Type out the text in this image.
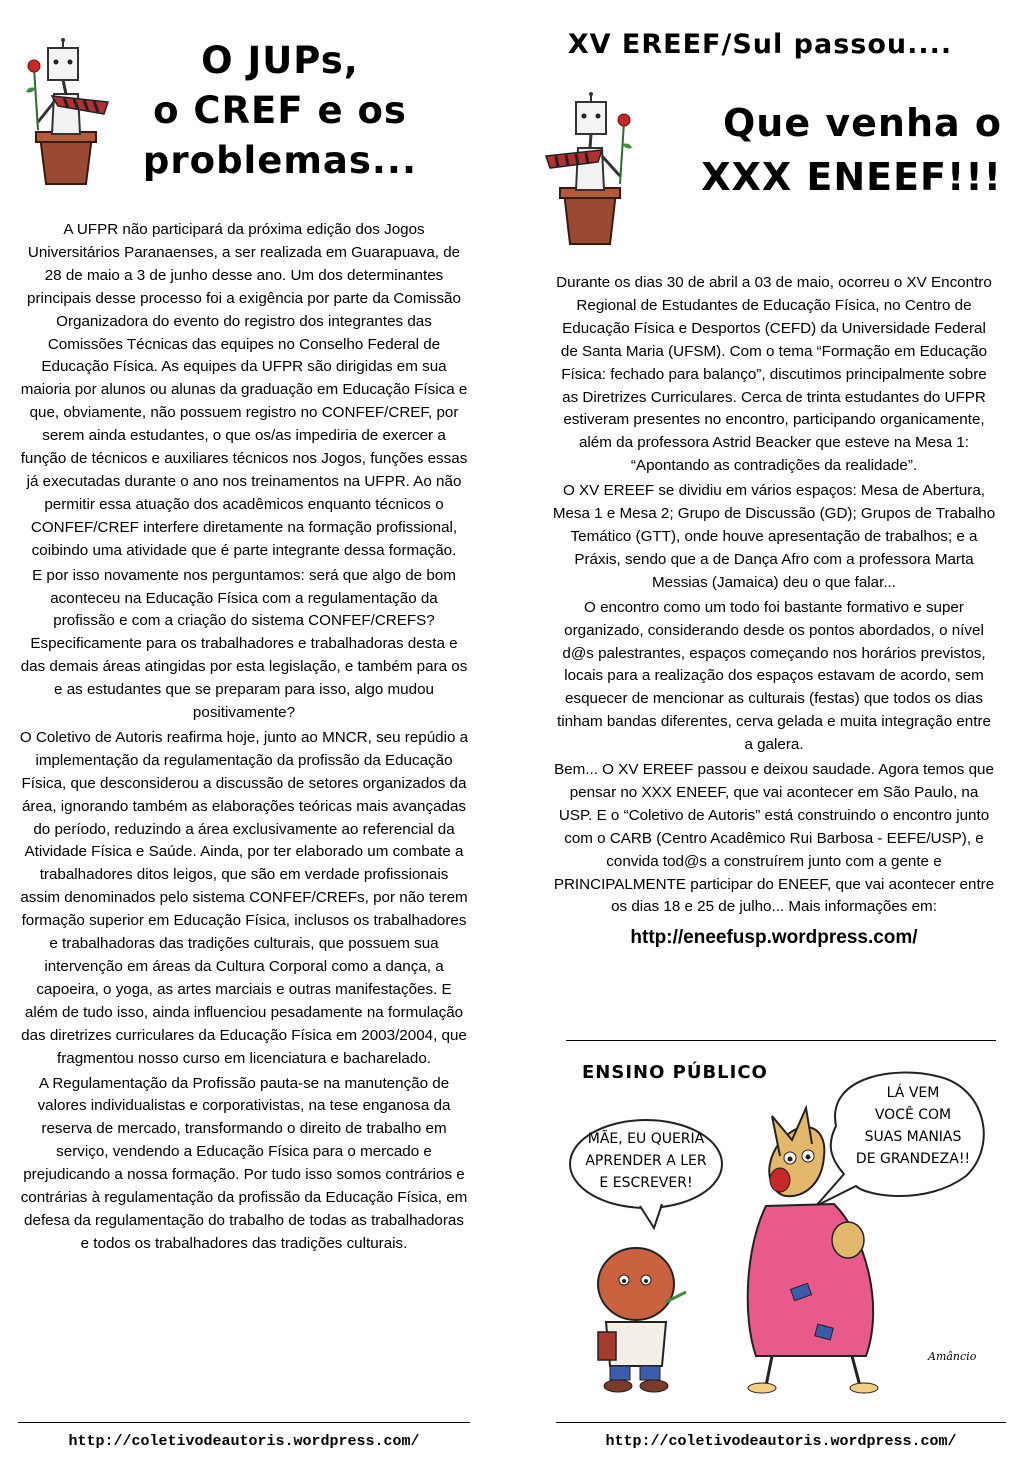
O JUPs,
o CREF e os
problemas...

A UFPR não participará da próxima edição dos Jogos Universitários Paranaenses, a ser realizada em Guarapuava, de 28 de maio a 3 de junho desse ano. Um dos determinantes principais desse processo foi a exigência por parte da Comissão Organizadora do evento do registro dos integrantes das Comissões Técnicas das equipes no Conselho Federal de Educação Física. As equipes da UFPR são dirigidas em sua maioria por alunos ou alunas da graduação em Educação Física e que, obviamente, não possuem registro no CONFEF/CREF, por serem ainda estudantes, o que os/as impediria de exercer a função de técnicos e auxiliares técnicos nos Jogos, funções essas já executadas durante o ano nos treinamentos na UFPR. Ao não permitir essa atuação dos acadêmicos enquanto técnicos o CONFEF/CREF interfere diretamente na formação profissional, coibindo uma atividade que é parte integrante dessa formação.

E por isso novamente nos perguntamos: será que algo de bom aconteceu na Educação Física com a regulamentação da profissão e com a criação do sistema CONFEF/CREFS? Especificamente para os trabalhadores e trabalhadoras desta e das demais áreas atingidas por esta legislação, e também para os e as estudantes que se preparam para isso, algo mudou positivamente?

O Coletivo de Autoris reafirma hoje, junto ao MNCR, seu repúdio a implementação da regulamentação da profissão da Educação Física, que desconsiderou a discussão de setores organizados da área, ignorando também as elaborações teóricas mais avançadas do período, reduzindo a área exclusivamente ao referencial da Atividade Física e Saúde. Ainda, por ter elaborado um combate a trabalhadores ditos leigos, que são em verdade profissionais assim denominados pelo sistema CONFEF/CREFs, por não terem formação superior em Educação Física, inclusos os trabalhadores e trabalhadoras das tradições culturais, que possuem sua intervenção em áreas da Cultura Corporal como a dança, a capoeira, o yoga, as artes marciais e outras manifestações. E além de tudo isso, ainda influenciou pesadamente na formulação das diretrizes curriculares da Educação Física em 2003/2004, que fragmentou nosso curso em licenciatura e bacharelado.

A Regulamentação da Profissão pauta-se na manutenção de valores individualistas e corporativistas, na tese enganosa da reserva de mercado, transformando o direito de trabalho em serviço, vendendo a Educação Física para o mercado e prejudicando a nossa formação. Por tudo isso somos contrários e contrárias à regulamentação da profissão da Educação Física, em defesa da regulamentação do trabalho de todas as trabalhadoras e todos os trabalhadores das tradições culturais.

http://coletivodeautoris.wordpress.com/
XV EREEF/Sul passou....
Que venha o
XXX ENEEF!!!

Durante os dias 30 de abril a 03 de maio, ocorreu o XV Encontro Regional de Estudantes de Educação Física, no Centro de Educação Física e Desportos (CEFD) da Universidade Federal de Santa Maria (UFSM). Com o tema “Formação em Educação Física: fechado para balanço”, discutimos principalmente sobre as Diretrizes Curriculares. Cerca de trinta estudantes do UFPR estiveram presentes no encontro, participando organicamente, além da professora Astrid Beacker que esteve na Mesa 1: “Apontando as contradições da realidade”.

O XV EREEF se dividiu em vários espaços: Mesa de Abertura, Mesa 1 e Mesa 2; Grupo de Discussão (GD); Grupos de Trabalho Temático (GTT), onde houve apresentação de trabalhos; e a Práxis, sendo que a de Dança Afro com a professora Marta Messias (Jamaica) deu o que falar...

O encontro como um todo foi bastante formativo e super organizado, considerando desde os pontos abordados, o nível d@s palestrantes, espaços começando nos horários previstos, locais para a realização dos espaços estavam de acordo, sem esquecer de mencionar as culturais (festas) que todos os dias tinham bandas diferentes, cerva gelada e muita integração entre a galera.

Bem... O XV EREEF passou e deixou saudade. Agora temos que pensar no XXX ENEEF, que vai acontecer em São Paulo, na USP. E o “Coletivo de Autoris” está construindo o encontro junto com o CARB (Centro Acadêmico Rui Barbosa - EEFE/USP), e convida tod@s a construírem junto com a gente e PRINCIPALMENTE participar do ENEEF, que vai acontecer entre os dias 18 e 25 de julho... Mais informações em:

http://eneefusp.wordpress.com/
http://coletivodeautoris.wordpress.com/
ENSINO PÚBLICO
MÃE, EU QUERIA
APRENDER A LER
E ESCREVER!
LÁ VEM
VOCÊ COM
SUAS MANIAS
DE GRANDEZA!!
Amâncio
